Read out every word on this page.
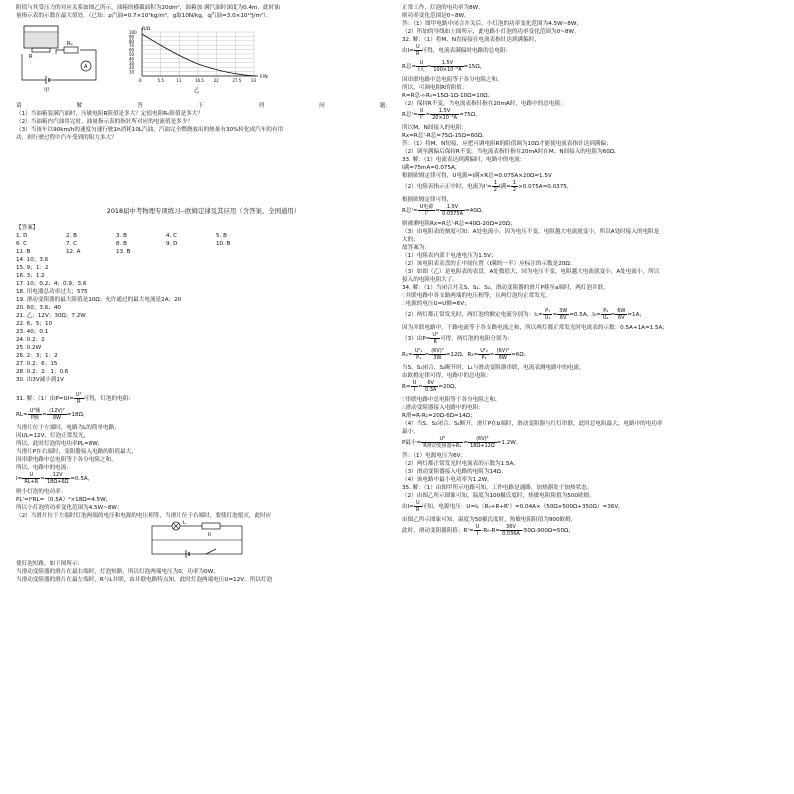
阻值与其受压力的对应关系如图乙所示，油箱的横截面积为20dm²，油箱加 满汽油时深度为0.4m，此时油
量指示表的示数在最大值处．（已知：ρ汽油=0.7×10³kg/m³，g取10N/kg，q汽油=3.0×10¹⁰J/m³）．
R
R₀
A
甲
R/Ω
0	5.5	11	16.5 22	27.5 33
100
90
80
70
60
50
40
30
20
10
F/N
乙
请	解	答	下	列	问	题：
（1）当油箱装满汽油时，压敏电阻R阻值是多大？定值电阻R₀阻值是多大？
（2）当油箱内汽油用完时，油量指示表的指针所对应的电流值是多少？
（3）当该车以90km/h的速度匀速行驶1h消耗10L汽油，汽油完全燃烧放出的热量有30%转化成汽车的有用
功，则行驶过程中汽车受到的阻力多大？
2018届中考物理专项练习--欧姆定律及其应用（含答案、全国通用）
【答案】
1. D	2. B	3. B	4. C	5. B
6. C	7. C	8. B	9. D	10. B
11. B	12. A	13. B
14. 10；3.6
15. 9；1：2
16. 3；1.2
17. 10；0.2；4；0.9；3.6
18. 用电器总功率过大；575
19. 滑动变阻器的最大阻值是10Ω；允许通过的最大电流是2A；20
20. 60；3.6；40
21. 乙；12V；30Ω；7.2W
22. 6；5；10
23. 40；0.1
24. 0.2；2
25. 0.2W
26. 2：3；1：2
27. 0.2；6；15
28. 0.2；2：1；0.6
30. 由3V减小到1V
31. 解：（1）由$P=UI= \frac{\text{U²}}{R}$ 可得，灯泡的电阻：
$RL= \frac{\text{U²额}}{\text{P额}} = \frac{\text{(12V)²}}{8W} =18\Omega$，
当滑片位于左端时，电路为L的简单电路，
因UL=12V，灯泡正常发光，
所以，此时灯泡的电功率PL=8W，
当滑片P在右端时，变阻器接入电路的阻值最大，
因串联电路中总电阻等于各分电阻之和，
所以，电路中的电流：
$I= \frac{U}{RL+R} = \frac{12V}{18\Omega+6\Omega} =0.5A$，
则小灯泡的电功率：
PL'=I²RL=（0.5A）²×18Ω=4.5W，
所以小灯泡的功率变化范围为4.5W~8W；
（2）当滑片位于左端时灯泡两端的电压和电源的电压相等，当滑片位于右端时，要使灯泡熄灭，此时应
L
R
使灯泡短路，如下图所示：
当滑动变阻器的滑片在最右端时，灯泡短路，所以灯泡两端电压为0，功率为0W，
当滑动变阻器的滑片在最左端时，R与L并联，由并联电路特点知，此时灯泡两端电压U=12V，所以灯泡
正常工作，灯泡的电功率为8W，
则功率变化范围是0~8W。
答：（1）图甲电路中闭合开关后，小灯泡的功率变化范围为4.5W~8W；
（2）所加的导线如上图所示，此电路小灯泡的功率变化范围为0~8W。
32. 解：（1）将M、N直接接在电流表指针达到满偏时，
由$I= \frac{U}{R}$ 可得，电流表满偏时电路的总电阻：
R总= $\frac{U}{\text{I大}} = \frac{1.5V}{\text{100×10⁻³A}} =15\Omega$，
因串联电路中总电阻等于各分电阻之和，
所以，可调电阻R的阻值：
R=R总-r-R₀=15Ω-1Ω-10Ω=10Ω；
（2）保持R不变，当电流表指针指在20mA时，电路中的总电阻：
R总'= $\frac{U}{I'} = \frac{1.5V}{\text{20×10⁻³A}} =75\Omega$，
所以M、N间接入的电阻：
Rx=R总'-R总=75Ω-15Ω=60Ω。
答：（1）将M、N短接，应把可调电阻R的阻值调为10Ω才能使电流表指针达到满偏；
（2）调至满偏后保持R不变，当电流表指针指在20mA时在M、N间接入的电阻为60Ω。
33. 解：（1）电流表达到满偏时，电路中的电流：
I满=75mA=0.075A，
根据欧姆定律可得，U电源=I满×R总=0.075A×20Ω=1.5V
（2）电阻表指示正中时，电流为$I'= \frac{1}{2}$ I满= $\frac{1}{2} \times 0.075A=0.0375$，
根据欧姆定律可得，
R总'= $\frac{\text{U电源}}{I'} = \frac{1.5V}{0.0375A} =40\Omega$，
则被测电阻Rx=R总'-R总=40Ω-20Ω=20Ω；
（3）由电阻表的刻度可知：A处电流小，因为电压不变，电阻越大电流就变小，所以A处时接入的电阻是
大的；
故答案为：
（1）电阻表内部干电池电压为1.5V；
（2）该电阻表表盘的正中间位置（I满的一半）应标注的示数是20Ω；
（3）如图（乙）是电阻表的表盘，A处数值大，因为电压不变，电阻越大电流就变小，A处电流小，所以
接入的电阻电阻大了。
34. 解：（1）当闭合开关S、S₁、S₂，滑动变阻器的滑片P移至a端时，两灯泡并联，
∵并联电路中各支路两端的电压相等，且两灯泡均正常发光，
∴电源的电压U=U额=6V；
（2）两灯都正常发光时，两灯泡的额定电流分别为：$I_1= \frac{\text{P₁}}{\text{U₁}} = \frac{3W}{6V} =0.5A$，$I_2= \frac{\text{P₂}}{\text{U₂}} = \frac{6W}{6V} =1A$；
因为并联电路中，干路电流等于各支路电流之和，所以两灯都正常发光时电流表的示数：0.5A+1A=1.5A；
（3）由$P= \frac{\text{U²}}{R}$ 可得，两灯泡的电阻分别为：
$R_1= \frac{\text{U²₁}}{\text{P₁}} = \frac{\text{(6V)²}}{3W} =12\Omega$，$R_2= \frac{\text{U²₂}}{\text{P₂}} = \frac{\text{(6V)²}}{6W} =6\Omega$；
当S、S₁闭合、S₂断开时，L₁与滑动变阻器串联，电流表测电路中的电流，
由欧姆定律可得，电路中的总电阻：
$R= \frac{U}{I} = \frac{6V}{0.3A} =20\Omega$，
∵串联电路中总电阻等于各分电阻之和，
∴滑动变阻器接入电路中的电阻：
R滑=R-R₁=20Ω-6Ω=14Ω；
（4）当S、S₂闭合、S₁断开，滑片P在b端时，滑动变阻器与红灯串联，此时总电阻最大，电路中的电功率
最小，
P最小= $\frac{\text{U²}}{\text{R滑动变阻器+R₁}} = \frac{\text{(6V)²}}{18\Omega+12\Omega} =1.2W$。
答：（1）电源电压为6V；
（2）两灯都正常发光时电流表的示数为1.5A；
（3）滑动变阻器接入电路的电阻为14Ω；
（4）该电路中最小电功率为1.2W。
35. 解：（1）由图甲所示电路可知，工作电路是通路，加热器处于加热状态。
（2）由图乙所示图象可知，温度为100摄氏度时，热敏电阻阻值为500欧姆，
由$I= \frac{U}{R}$ 可知，电源电压：U=I₁（R₀+R+R'）=0.04A×（50Ω+500Ω+350Ω）=36V，
由图乙所示图象可知，温度为50摄氏度时，热敏电阻阻值为900欧姆，
此时，滑动变阻器阻值：$R'= \frac{U}{I} -R_0-R= \frac{36V}{0.036A} -50\Omega-900\Omega=50\Omega$；
